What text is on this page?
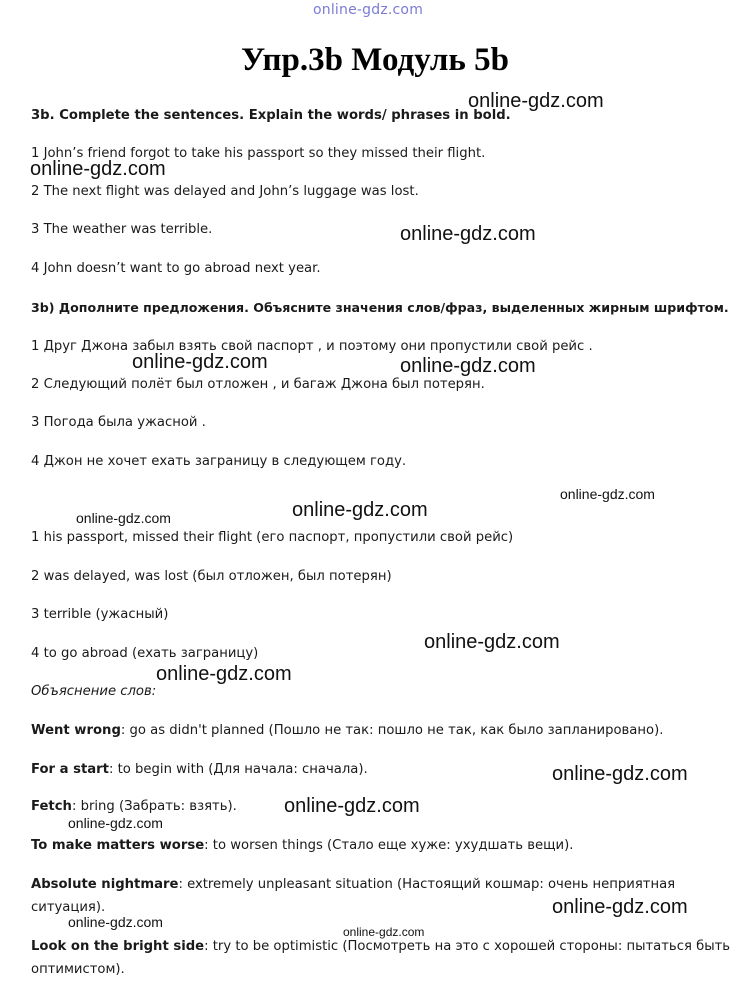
online-gdz.com
Упр.3b Модуль 5b
3b. Complete the sentences. Explain the words/ phrases in bold.
1 John’s friend forgot to take his passport so they missed their flight.
2 The next flight was delayed and John’s luggage was lost.
3 The weather was terrible.
4 John doesn’t want to go abroad next year.
3b) Дополните предложения. Объясните значения слов/фраз, выделенных жирным шрифтом.
1 Друг Джона забыл взять свой паспорт , и поэтому они пропустили свой рейс .
2 Следующий полёт был отложен , и багаж Джона был потерян.
3 Погода была ужасной .
4 Джон не хочет ехать заграницу в следующем году.
1 his passport, missed their flight (его паспорт, пропустили свой рейс)
2 was delayed, was lost (был отложен, был потерян)
3 terrible (ужасный)
4 to go abroad (ехать заграницу)
Объяснение слов:
Went wrong: go as didn't planned (Пошло не так: пошло не так, как было запланировано).
For a start: to begin with (Для начала: сначала).
Fetch: bring (Забрать: взять).
To make matters worse: to worsen things (Стало еще хуже: ухудшать вещи).
Absolute nightmare: extremely unpleasant situation (Настоящий кошмар: очень неприятная
ситуация).
Look on the bright side: try to be optimistic (Посмотреть на это с хорошей стороны: пытаться быть
оптимистом).
online-gdz.com
online-gdz.com
online-gdz.com
online-gdz.com	online-gdz.com
online-gdz.com
online-gdz.com
online-gdz.com
online-gdz.com
online-gdz.com
online-gdz.com
online-gdz.com
online-gdz.com
online-gdz.com
online-gdz.com
online-gdz.com
